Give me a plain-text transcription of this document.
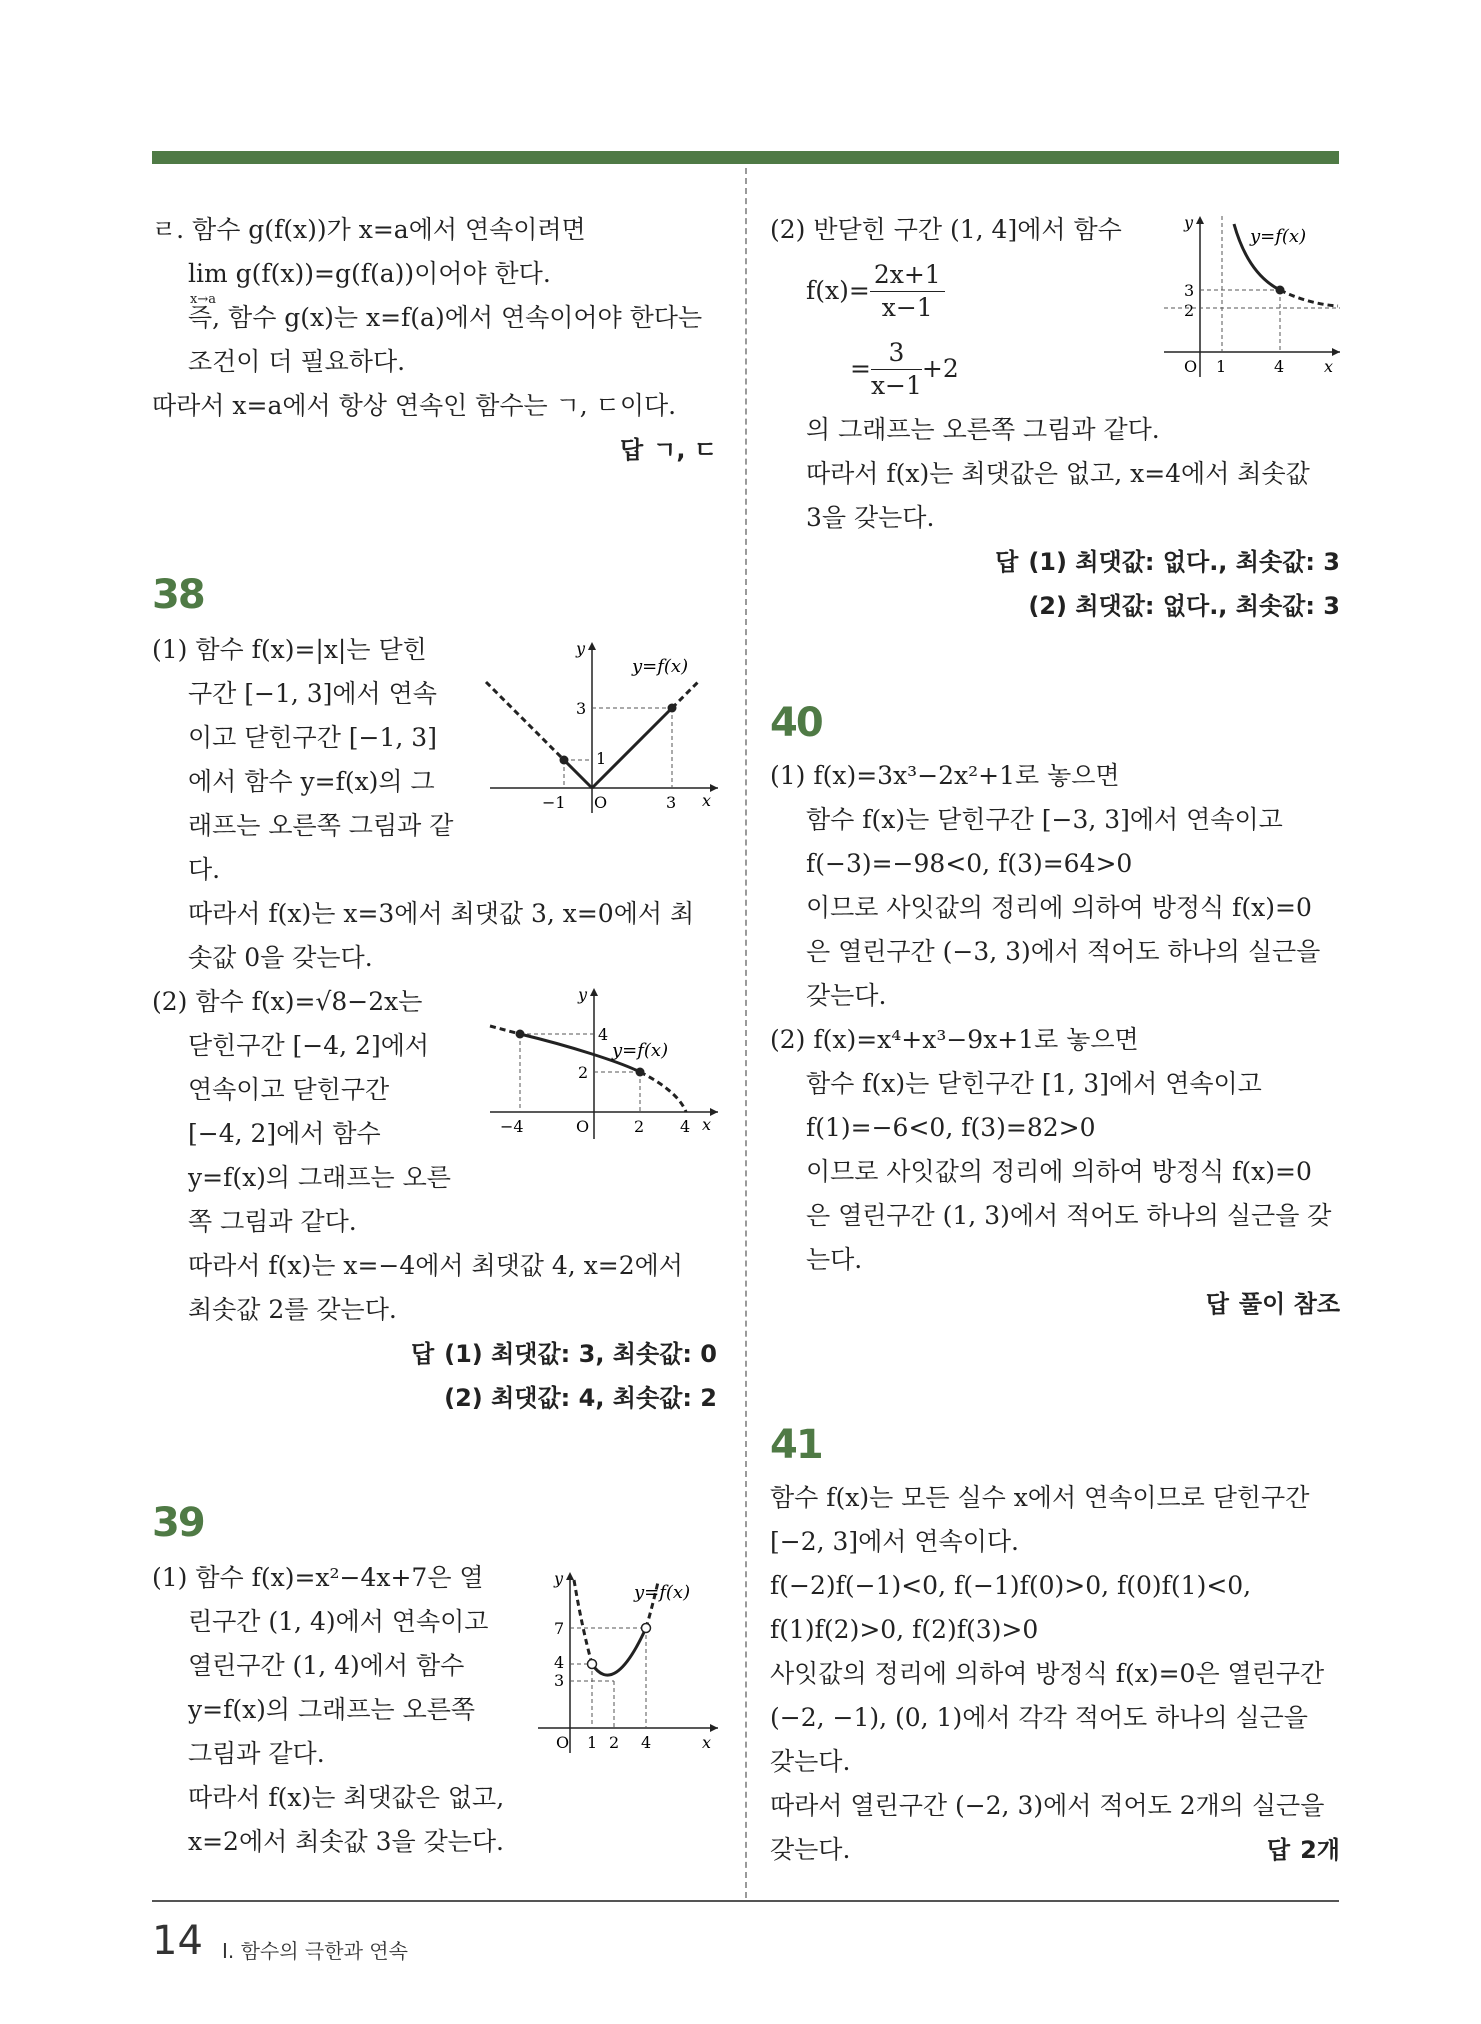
ㄹ. 함수 g(f(x))가 x=a에서 연속이려면

lim g(f(x))=g(f(a))이어야 한다.
x→a

즉, 함수 g(x)는 x=f(a)에서 연속이어야 한다는

조건이 더 필요하다.

따라서 x=a에서 항상 연속인 함수는 ㄱ, ㄷ이다.

답 ㄱ, ㄷ

38

(1) 함수 f(x)=|x|는 닫힌

구간 [−1, 3]에서 연속

이고 닫힌구간 [−1, 3]

에서 함수 y=f(x)의 그

래프는 오른쪽 그림과 같

다.

따라서 f(x)는 x=3에서 최댓값 3, x=0에서 최

솟값 0을 갖는다.

(2) 함수 f(x)=√8−2x는

닫힌구간 [−4, 2]에서

연속이고 닫힌구간

[−4, 2]에서 함수

y=f(x)의 그래프는 오른

쪽 그림과 같다.

따라서 f(x)는 x=−4에서 최댓값 4, x=2에서

최솟값 2를 갖는다.

답 (1) 최댓값: 3, 최솟값: 0
(2) 최댓값: 4, 최솟값: 2
y
y=f(x)
3
1
−1 O	3 x
y
4
y=f(x)
2
−4	O	2 4 x

39

(1) 함수 f(x)=x²−4x+7은 열

린구간 (1, 4)에서 연속이고

열린구간 (1, 4)에서 함수

y=f(x)의 그래프는 오른쪽

그림과 같다.

따라서 f(x)는 최댓값은 없고,

x=2에서 최솟값 3을 갖는다.

y
y=f(x)
7
4
3
O 1 2 4	x

(2) 반닫힌 구간 (1, 4]에서 함수

$f(x)= \frac{2x+1}{x-1}$
= $\frac{3}{x-1} +2$

의 그래프는 오른쪽 그림과 같다.

따라서 f(x)는 최댓값은 없고, x=4에서 최솟값

3을 갖는다.

답 (1) 최댓값: 없다., 최솟값: 3
(2) 최댓값: 없다., 최솟값: 3
y
y=f(x)
3
2
O 1	4 x

40

(1) f(x)=3x³−2x²+1로 놓으면

함수 f(x)는 닫힌구간 [−3, 3]에서 연속이고

f(−3)=−98<0, f(3)=64>0

이므로 사잇값의 정리에 의하여 방정식 f(x)=0

은 열린구간 (−3, 3)에서 적어도 하나의 실근을

갖는다.

(2) f(x)=x⁴+x³−9x+1로 놓으면

함수 f(x)는 닫힌구간 [1, 3]에서 연속이고

f(1)=−6<0, f(3)=82>0

이므로 사잇값의 정리에 의하여 방정식 f(x)=0

은 열린구간 (1, 3)에서 적어도 하나의 실근을 갖

는다.

답 풀이 참조

41

함수 f(x)는 모든 실수 x에서 연속이므로 닫힌구간

[−2, 3]에서 연속이다.

f(−2)f(−1)<0, f(−1)f(0)>0, f(0)f(1)<0,

f(1)f(2)>0, f(2)f(3)>0

사잇값의 정리에 의하여 방정식 f(x)=0은 열린구간

(−2, −1), (0, 1)에서 각각 적어도 하나의 실근을

갖는다.

따라서 열린구간 (−2, 3)에서 적어도 2개의 실근을

갖는다.	답 2개
14 Ⅰ. 함수의 극한과 연속
